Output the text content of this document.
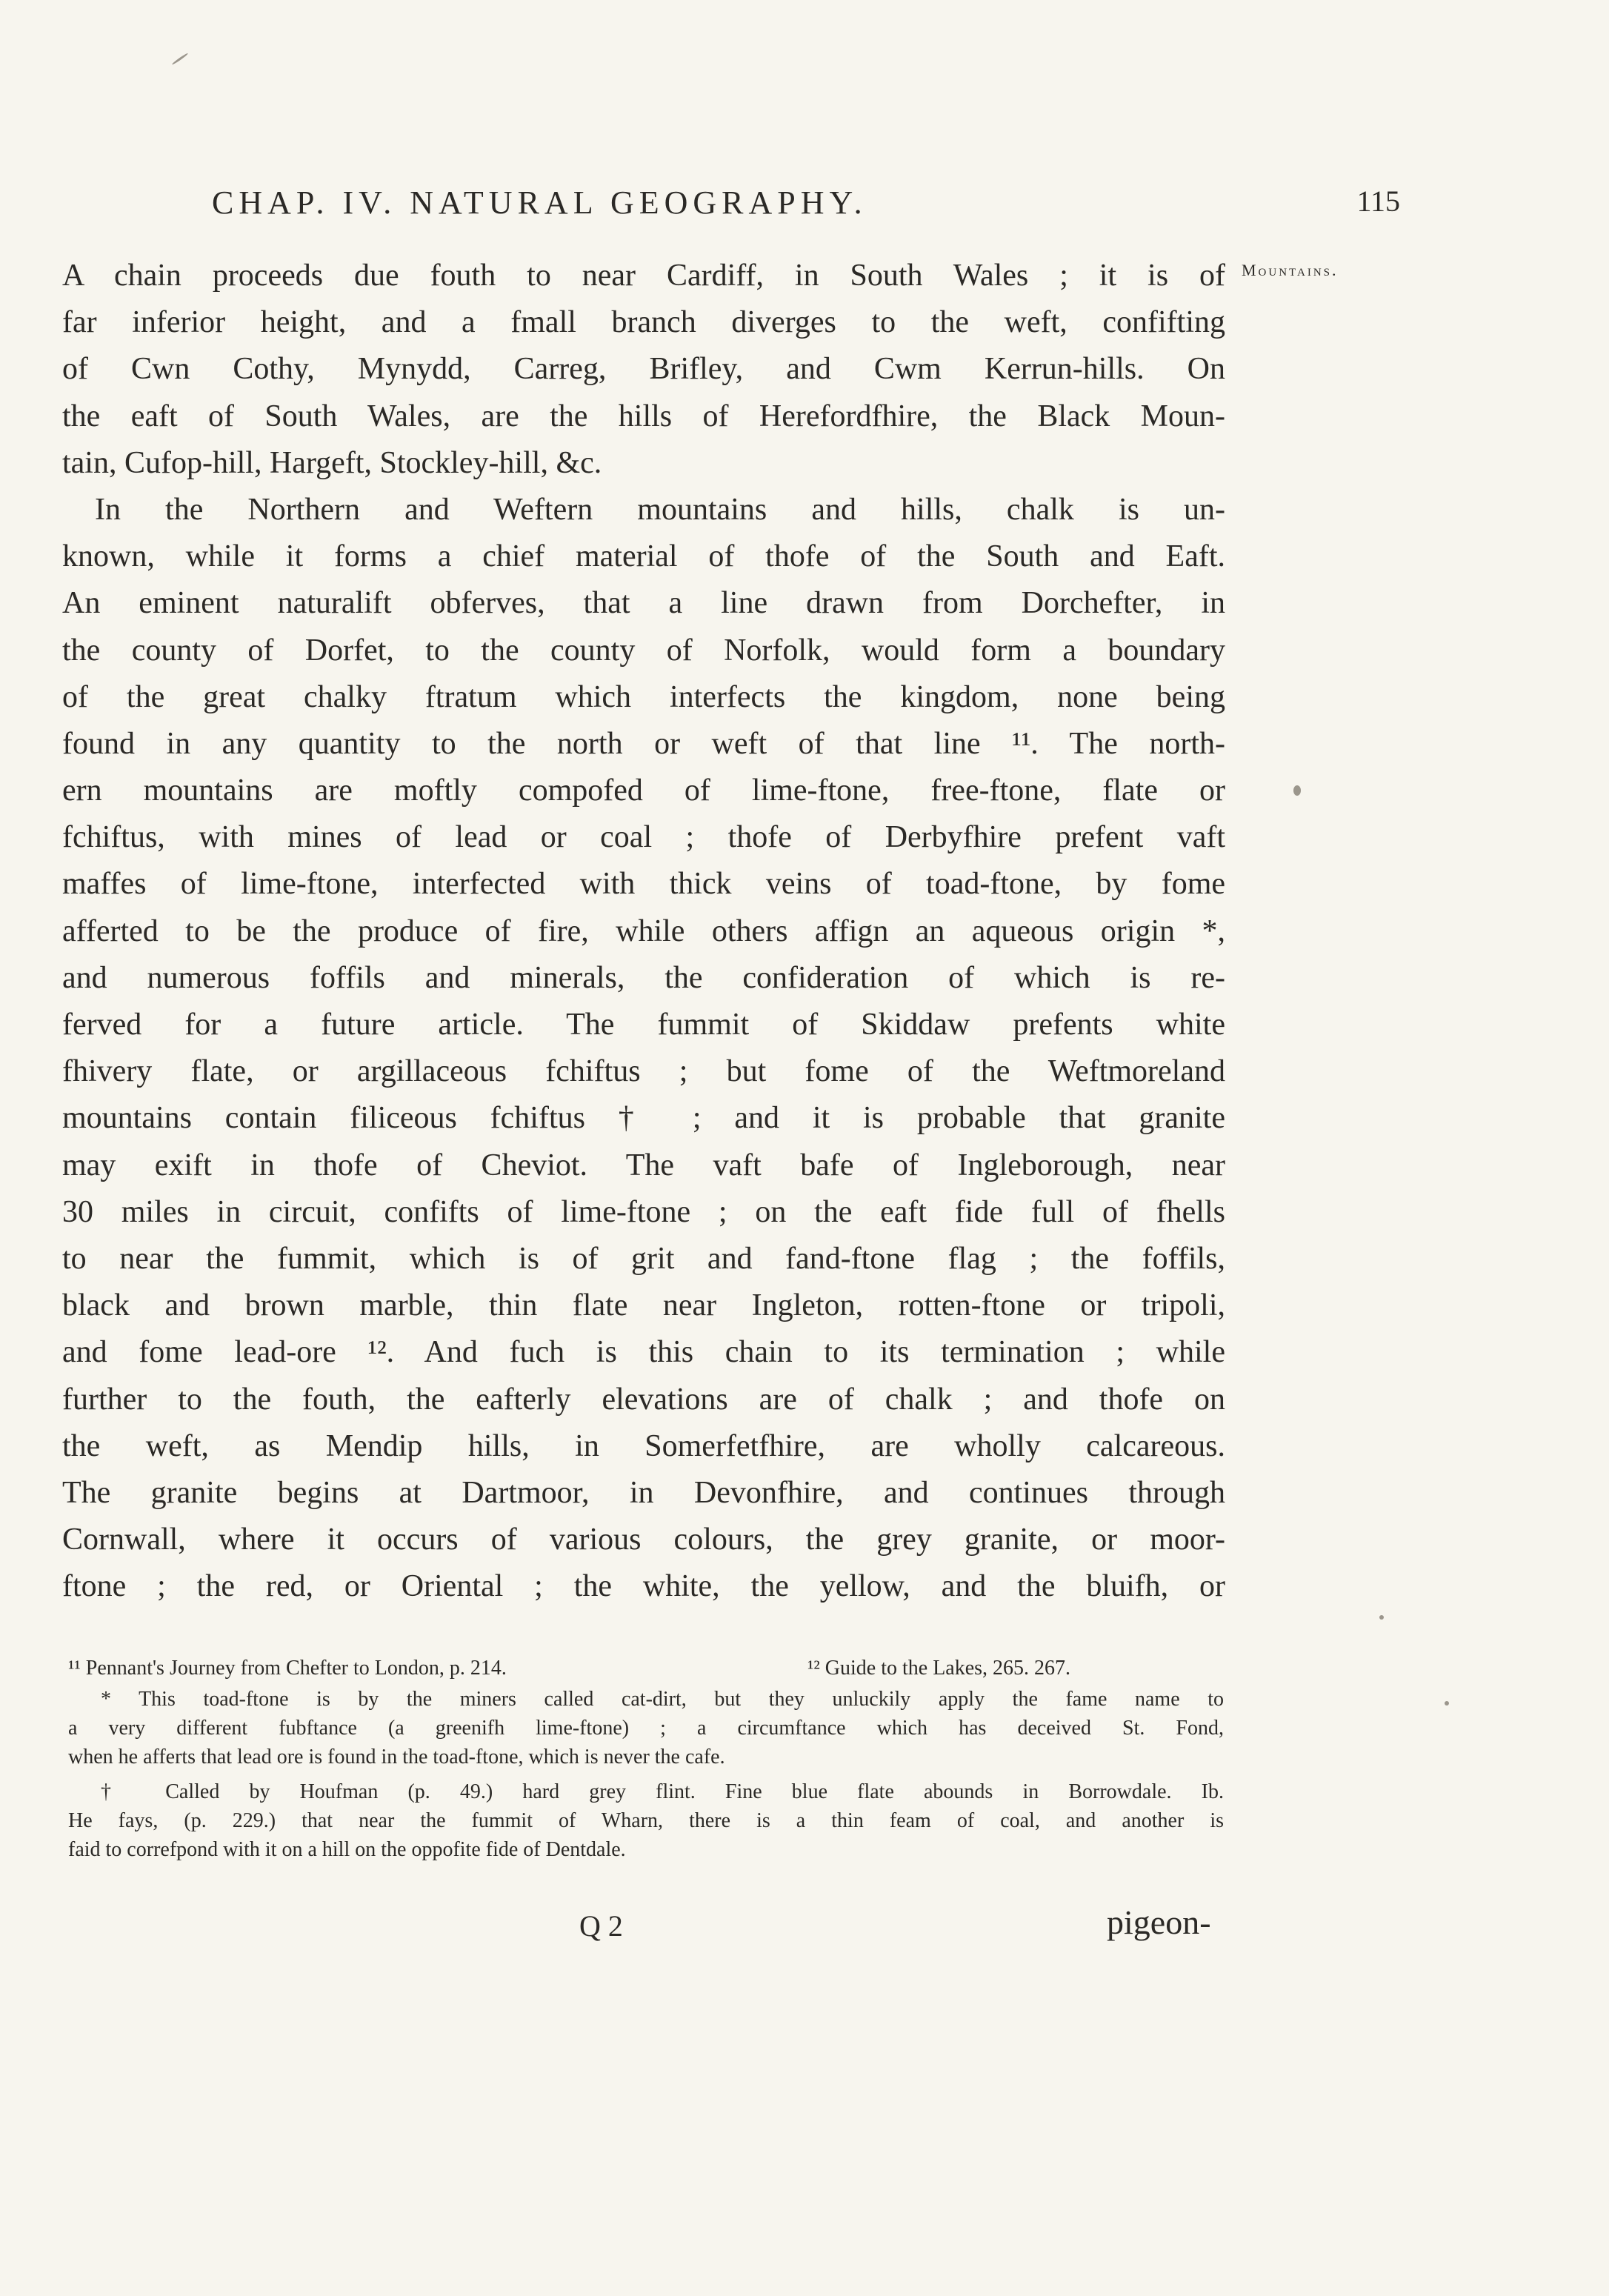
CHAP. IV. NATURAL GEOGRAPHY.	115
Mountains.
A chain proceeds due fouth to near Cardiff, in South Wales ; it is of
far inferior height, and a fmall branch diverges to the weft, confifting
of Cwn Cothy, Mynydd, Carreg, Brifley, and Cwm Kerrun-hills. On
the eaft of South Wales, are the hills of Herefordfhire, the Black Moun-
tain, Cufop-hill, Hargeft, Stockley-hill, &c.
In the Northern and Weftern mountains and hills, chalk is un-
known, while it forms a chief material of thofe of the South and Eaft.
An eminent naturalift obferves, that a line drawn from Dorchefter, in
the county of Dorfet, to the county of Norfolk, would form a boundary
of the great chalky ftratum which interfects the kingdom, none being
found in any quantity to the north or weft of that line ¹¹. The north-
ern mountains are moftly compofed of lime-ftone, free-ftone, flate or
fchiftus, with mines of lead or coal ; thofe of Derbyfhire prefent vaft
maffes of lime-ftone, interfected with thick veins of toad-ftone, by fome
afferted to be the produce of fire, while others affign an aqueous origin *,
and numerous foffils and minerals, the confideration of which is re-
ferved for a future article. The fummit of Skiddaw prefents white
fhivery flate, or argillaceous fchiftus ; but fome of the Weftmoreland
mountains contain filiceous fchiftus † ; and it is probable that granite
may exift in thofe of Cheviot. The vaft bafe of Ingleborough, near
30 miles in circuit, confifts of lime-ftone ; on the eaft fide full of fhells
to near the fummit, which is of grit and fand-ftone flag ; the foffils,
black and brown marble, thin flate near Ingleton, rotten-ftone or tripoli,
and fome lead-ore ¹². And fuch is this chain to its termination ; while
further to the fouth, the eafterly elevations are of chalk ; and thofe on
the weft, as Mendip hills, in Somerfetfhire, are wholly calcareous.
The granite begins at Dartmoor, in Devonfhire, and continues through
Cornwall, where it occurs of various colours, the grey granite, or moor-
ftone ; the red, or Oriental ; the white, the yellow, and the bluifh, or
¹¹ Pennant's Journey from Chefter to London, p. 214.	¹² Guide to the Lakes, 265. 267.
* This toad-ftone is by the miners called cat-dirt, but they unluckily apply the fame name to
a very different fubftance (a greenifh lime-ftone) ; a circumftance which has deceived St. Fond,
when he afferts that lead ore is found in the toad-ftone, which is never the cafe.
† Called by Houfman (p. 49.) hard grey flint. Fine blue flate abounds in Borrowdale. Ib.
He fays, (p. 229.) that near the fummit of Wharn, there is a thin feam of coal, and another is
faid to correfpond with it on a hill on the oppofite fide of Dentdale.
Q 2	pigeon-
